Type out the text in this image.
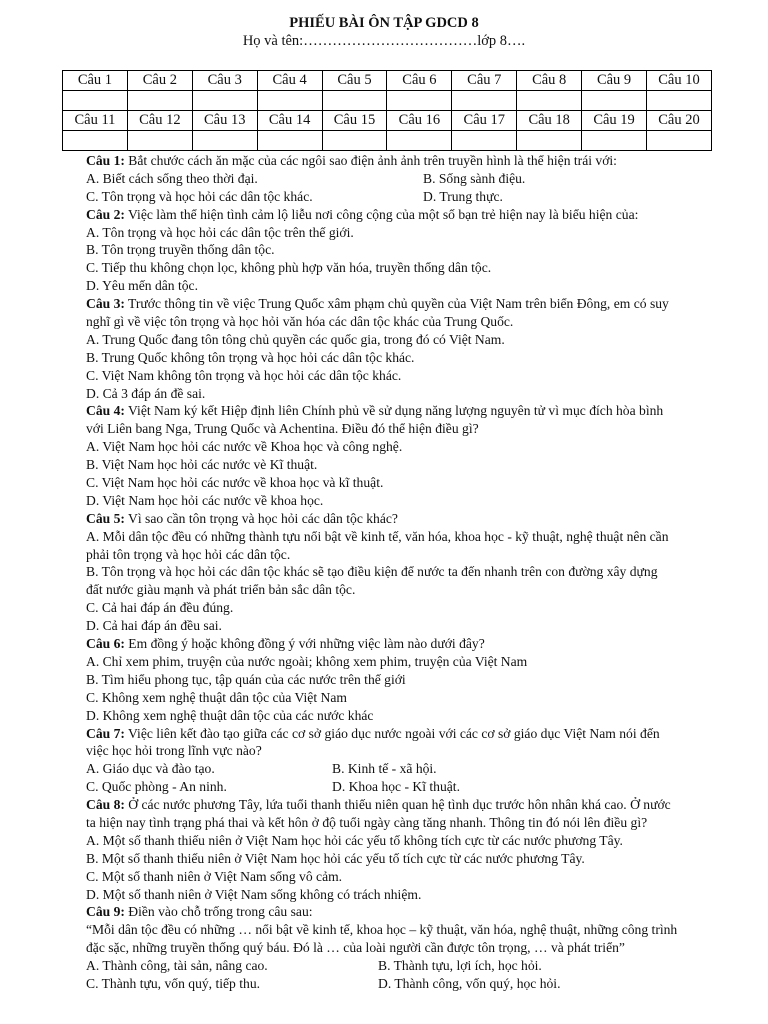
PHIẾU BÀI ÔN TẬP GDCD 8
Họ và tên:………………………………lớp 8….
Câu 1	Câu 2	Câu 3	Câu 4	Câu 5	Câu 6	Câu 7	Câu 8	Câu 9	Câu 10

Câu 11	Câu 12	Câu 13	Câu 14	Câu 15	Câu 16	Câu 17	Câu 18	Câu 19	Câu 20

Câu 1: Bắt chước cách ăn mặc của các ngôi sao điện ảnh ảnh trên truyền hình là thể hiện trái với:
A. Biết cách sống theo thời đại.	B. Sống sành điệu.
C. Tôn trọng và học hỏi các dân tộc khác.	D. Trung thực.
Câu 2: Việc làm thể hiện tình cảm lộ liễu nơi công cộng của một số bạn trẻ hiện nay là biểu hiện của:
A. Tôn trọng và học hỏi các dân tộc trên thế giới.
B. Tôn trọng truyền thống dân tộc.
C. Tiếp thu không chọn lọc, không phù hợp văn hóa, truyền thống dân tộc.
D. Yêu mến dân tộc.
Câu 3: Trước thông tin về việc Trung Quốc xâm phạm chủ quyền của Việt Nam trên biển Đông, em có suy
nghĩ gì về việc tôn trọng và học hỏi văn hóa các dân tộc khác của Trung Quốc.
A. Trung Quốc đang tôn tông chủ quyền các quốc gia, trong đó có Việt Nam.
B. Trung Quốc không tôn trọng và học hỏi các dân tộc khác.
C. Việt Nam không tôn trọng và học hỏi các dân tộc khác.
D. Cả 3 đáp án đề sai.
Câu 4: Việt Nam ký kết Hiệp định liên Chính phủ về sử dụng năng lượng nguyên tử vì mục đích hòa bình
với Liên bang Nga, Trung Quốc và Achentina. Điều đó thể hiện điều gì?
A. Việt Nam học hỏi các nước về Khoa học và công nghệ.
B. Việt Nam học hỏi các nước vè Kĩ thuật.
C. Việt Nam học hỏi các nước về khoa học và kĩ thuật.
D. Việt Nam học hỏi các nước về khoa học.
Câu 5: Vì sao cần tôn trọng và học hỏi các dân tộc khác?
A. Mỗi dân tộc đều có những thành tựu nổi bật về kinh tế, văn hóa, khoa học - kỹ thuật, nghệ thuật nên cần
phải tôn trọng và học hỏi các dân tộc.
B. Tôn trọng và học hỏi các dân tộc khác sẽ tạo điều kiện để nước ta đến nhanh trên con đường xây dựng
đất nước giàu mạnh và phát triển bản sắc dân tộc.
C. Cả hai đáp án đều đúng.
D. Cả hai đáp án đều sai.
Câu 6: Em đồng ý hoặc không đồng ý với những việc làm nào dưới đây?
A. Chỉ xem phim, truyện của nước ngoài; không xem phim, truyện của Việt Nam
B. Tìm hiểu phong tục, tập quán của các nước trên thế giới
C. Không xem nghệ thuật dân tộc của Việt Nam
D. Không xem nghệ thuật dân tộc của các nước khác
Câu 7: Việc liên kết đào tạo giữa các cơ sở giáo dục nước ngoài với các cơ sở giáo dục Việt Nam nói đến
việc học hỏi trong lĩnh vực nào?
A. Giáo dục và đào tạo.	B. Kinh tế - xã hội.
C. Quốc phòng - An ninh.	D. Khoa học - Kĩ thuật.
Câu 8: Ở các nước phương Tây, lứa tuổi thanh thiếu niên quan hệ tình dục trước hôn nhân khá cao. Ở nước
ta hiện nay tình trạng phá thai và kết hôn ở độ tuổi ngày càng tăng nhanh. Thông tin đó nói lên điều gì?
A. Một số thanh thiếu niên ở Việt Nam học hỏi các yếu tố không tích cực từ các nước phương Tây.
B. Một số thanh thiếu niên ở Việt Nam học hỏi các yếu tố tích cực từ các nước phương Tây.
C. Một số thanh niên ở Việt Nam sống vô cảm.
D. Một số thanh niên ở Việt Nam sống không có trách nhiệm.
Câu 9: Điền vào chỗ trống trong câu sau:
“Mỗi dân tộc đều có những … nổi bật về kinh tế, khoa học – kỹ thuật, văn hóa, nghệ thuật, những công trình
đặc sặc, những truyền thống quý báu. Đó là … của loài người cần được tôn trọng, … và phát triển”
A. Thành công, tài sản, nâng cao.	B. Thành tựu, lợi ích, học hỏi.
C. Thành tựu, vốn quý, tiếp thu.	D. Thành công, vốn quý, học hỏi.
